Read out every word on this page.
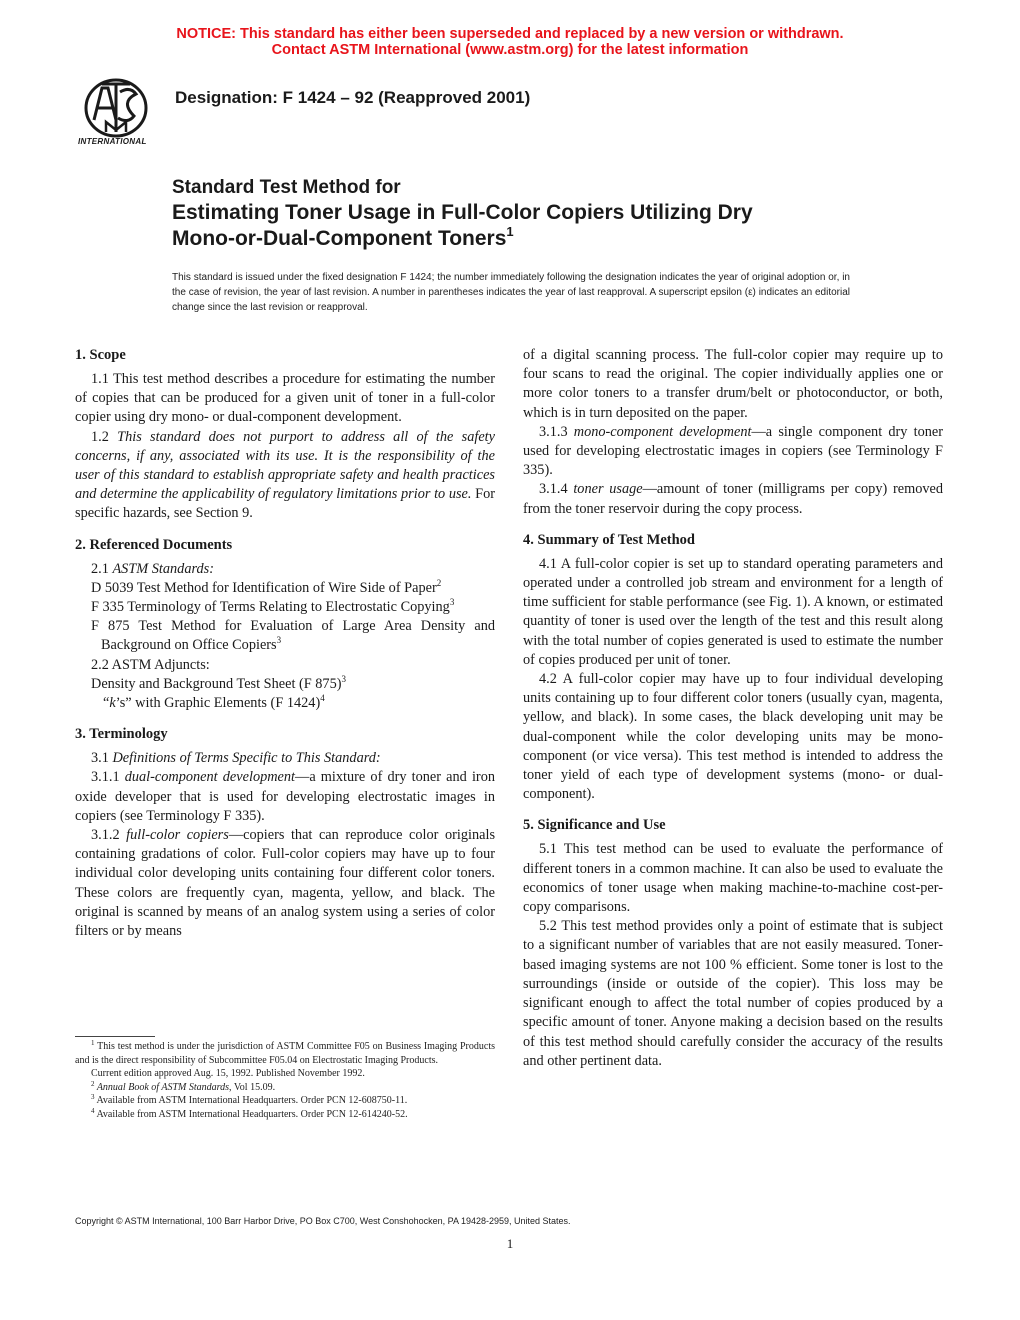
NOTICE: This standard has either been superseded and replaced by a new version or withdrawn.
Contact ASTM International (www.astm.org) for the latest information
INTERNATIONAL
Designation: F 1424 – 92 (Reapproved 2001)
Standard Test Method for
Estimating Toner Usage in Full-Color Copiers Utilizing Dry
Mono-or-Dual-Component Toners$^1$
This standard is issued under the fixed designation F 1424; the number immediately following the designation indicates the year of original adoption or, in the case of revision, the year of last revision. A number in parentheses indicates the year of last reapproval. A superscript epsilon (ε) indicates an editorial change since the last revision or reapproval.
1. Scope

1.1 This test method describes a procedure for estimating the number of copies that can be produced for a given unit of toner in a full-color copier using dry mono- or dual-component development.

1.2 This standard does not purport to address all of the safety concerns, if any, associated with its use. It is the responsibility of the user of this standard to establish appropriate safety and health practices and determine the applicability of regulatory limitations prior to use. For specific hazards, see Section 9.

2. Referenced Documents

2.1 ASTM Standards:

D 5039 Test Method for Identification of Wire Side of Paper$^2$

F 335 Terminology of Terms Relating to Electrostatic Copying$^3$

F 875 Test Method for Evaluation of Large Area Density and Background on Office Copiers$^3$

2.2 ASTM Adjuncts:

Density and Background Test Sheet (F 875)$^3$

“k’s” with Graphic Elements (F 1424)$^4$

3. Terminology

3.1 Definitions of Terms Specific to This Standard:

3.1.1 dual-component development—a mixture of dry toner and iron oxide developer that is used for developing electrostatic images in copiers (see Terminology F 335).

3.1.2 full-color copiers—copiers that can reproduce color originals containing gradations of color. Full-color copiers may have up to four individual color developing units containing four different color toners. These colors are frequently cyan, magenta, yellow, and black. The original is scanned by means of an analog system using a series of color filters or by means

$^1$ This test method is under the jurisdiction of ASTM Committee F05 on Business Imaging Products and is the direct responsibility of Subcommittee F05.04 on Electrostatic Imaging Products.

Current edition approved Aug. 15, 1992. Published November 1992.

$^2$ Annual Book of ASTM Standards, Vol 15.09.

$^3$ Available from ASTM International Headquarters. Order PCN 12-608750-11.

$^4$ Available from ASTM International Headquarters. Order PCN 12-614240-52.

of a digital scanning process. The full-color copier may require up to four scans to read the original. The copier individually applies one or more color toners to a transfer drum/belt or photoconductor, or both, which is in turn deposited on the paper.

3.1.3 mono-component development—a single component dry toner used for developing electrostatic images in copiers (see Terminology F 335).

3.1.4 toner usage—amount of toner (milligrams per copy) removed from the toner reservoir during the copy process.

4. Summary of Test Method

4.1 A full-color copier is set up to standard operating parameters and operated under a controlled job stream and environment for a length of time sufficient for stable performance (see Fig. 1). A known, or estimated quantity of toner is used over the length of the test and this result along with the total number of copies generated is used to estimate the number of copies produced per unit of toner.

4.2 A full-color copier may have up to four individual developing units containing up to four different color toners (usually cyan, magenta, yellow, and black). In some cases, the black developing unit may be dual-component while the color developing units may be mono-component (or vice versa). This test method is intended to address the toner yield of each type of development systems (mono- or dual-component).

5. Significance and Use

5.1 This test method can be used to evaluate the performance of different toners in a common machine. It can also be used to evaluate the economics of toner usage when making machine-to-machine cost-per-copy comparisons.

5.2 This test method provides only a point of estimate that is subject to a significant number of variables that are not easily measured. Toner-based imaging systems are not 100 % efficient. Some toner is lost to the surroundings (inside or outside of the copier). This loss may be significant enough to affect the total number of copies produced by a specific amount of toner. Anyone making a decision based on the results of this test method should carefully consider the accuracy of the results and other pertinent data.

Copyright © ASTM International, 100 Barr Harbor Drive, PO Box C700, West Conshohocken, PA 19428-2959, United States.
1
